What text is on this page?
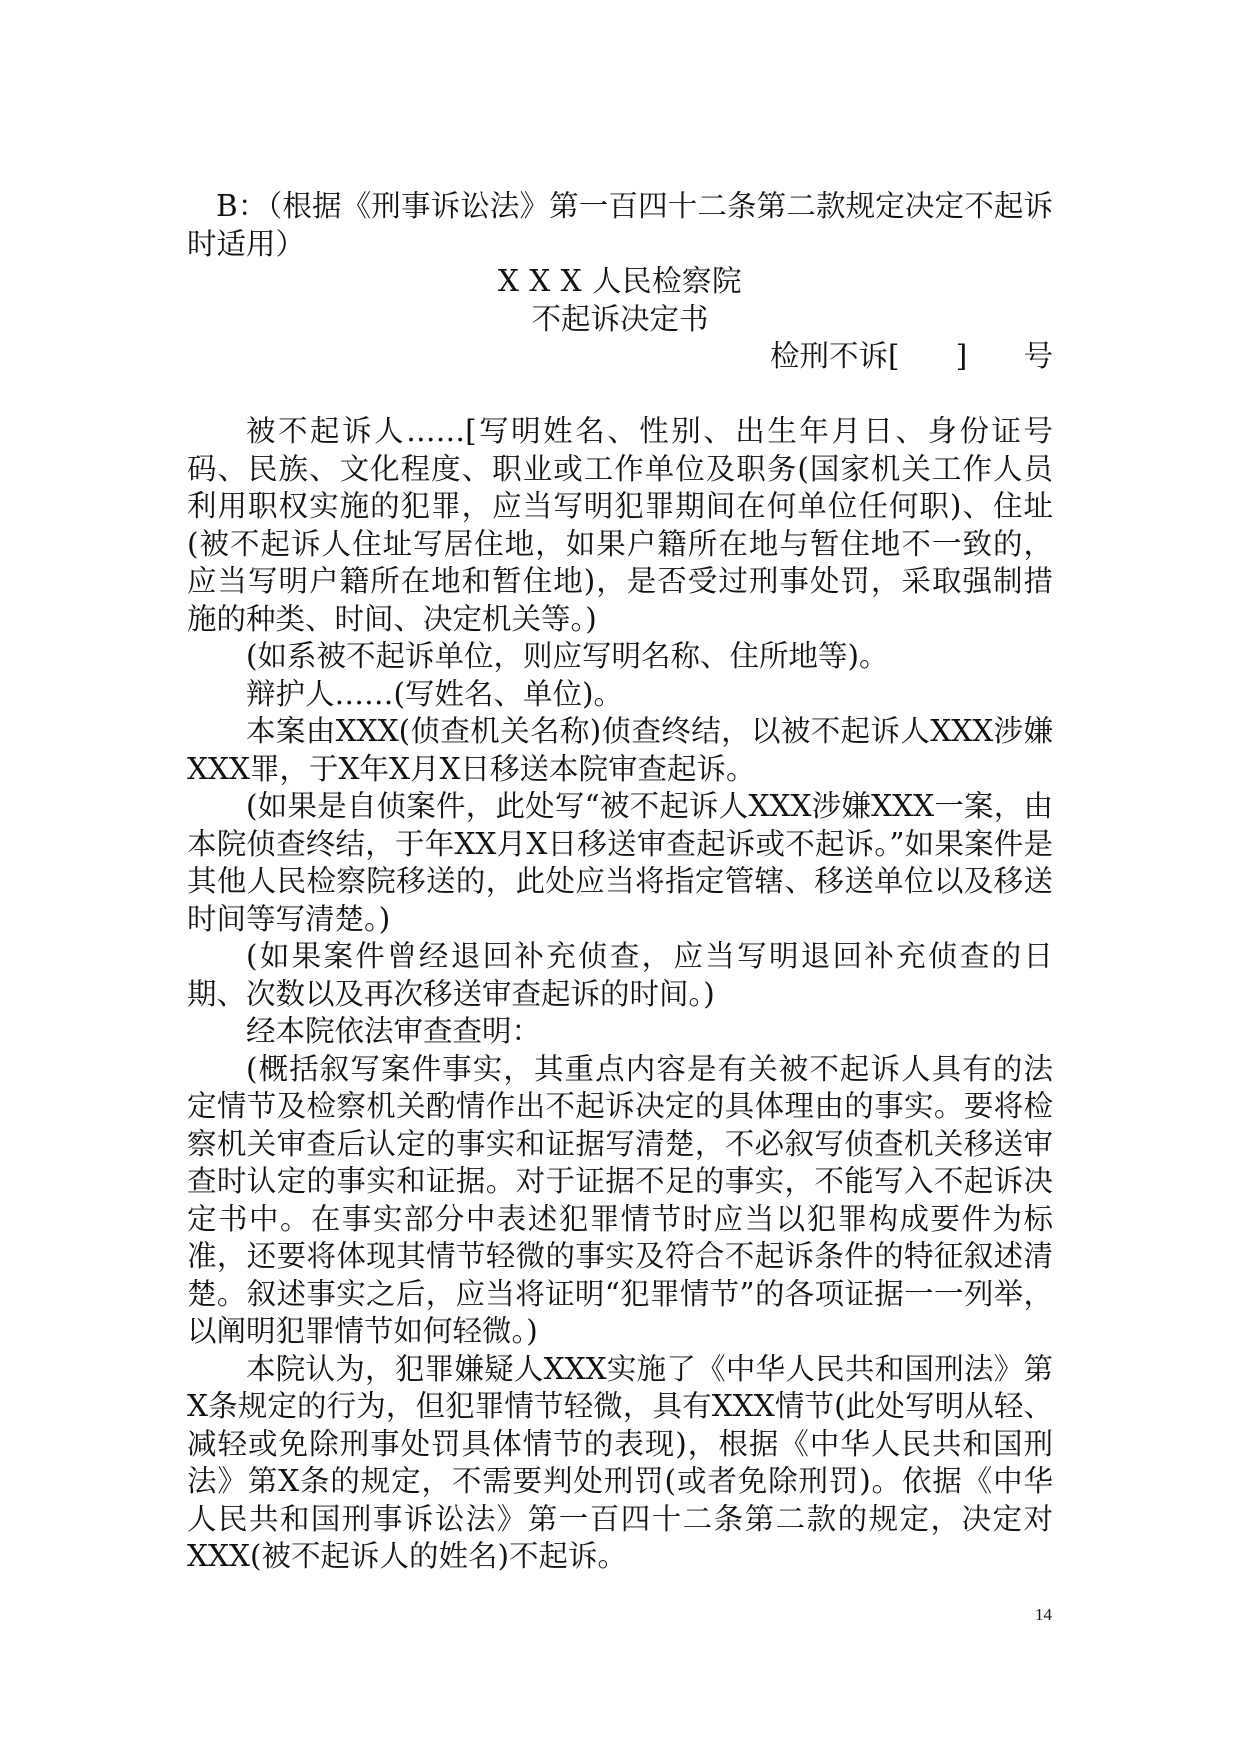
B：（根据《刑事诉讼法》第一百四十二条第二款规定决定不起诉时适用）

X X X 人民检察院

不起诉决定书

检刑不诉[      ]      号

被不起诉人……[写明姓名、性别、出生年月日、身份证号码、民族、文化程度、职业或工作单位及职务(国家机关工作人员利用职权实施的犯罪，应当写明犯罪期间在何单位任何职)、住址(被不起诉人住址写居住地，如果户籍所在地与暂住地不一致的，应当写明户籍所在地和暂住地)，是否受过刑事处罚，采取强制措施的种类、时间、决定机关等。)

(如系被不起诉单位，则应写明名称、住所地等)。

辩护人……(写姓名、单位)。

本案由XXX(侦查机关名称)侦查终结，以被不起诉人XXX涉嫌XXX罪，于X年X月X日移送本院审查起诉。

(如果是自侦案件，此处写“被不起诉人XXX涉嫌XXX一案，由本院侦查终结，于年XX月X日移送审查起诉或不起诉。”如果案件是其他人民检察院移送的，此处应当将指定管辖、移送单位以及移送时间等写清楚。)

(如果案件曾经退回补充侦查，应当写明退回补充侦查的日期、次数以及再次移送审查起诉的时间。)

经本院依法审查查明：

(概括叙写案件事实，其重点内容是有关被不起诉人具有的法定情节及检察机关酌情作出不起诉决定的具体理由的事实。要将检察机关审查后认定的事实和证据写清楚，不必叙写侦查机关移送审查时认定的事实和证据。对于证据不足的事实，不能写入不起诉决定书中。在事实部分中表述犯罪情节时应当以犯罪构成要件为标准，还要将体现其情节轻微的事实及符合不起诉条件的特征叙述清楚。叙述事实之后，应当将证明“犯罪情节”的各项证据一一列举，以阐明犯罪情节如何轻微。)

本院认为，犯罪嫌疑人XXX实施了《中华人民共和国刑法》第X条规定的行为，但犯罪情节轻微，具有XXX情节(此处写明从轻、减轻或免除刑事处罚具体情节的表现)，根据《中华人民共和国刑法》第X条的规定，不需要判处刑罚(或者免除刑罚)。依据《中华人民共和国刑事诉讼法》第一百四十二条第二款的规定，决定对XXX(被不起诉人的姓名)不起诉。

14
